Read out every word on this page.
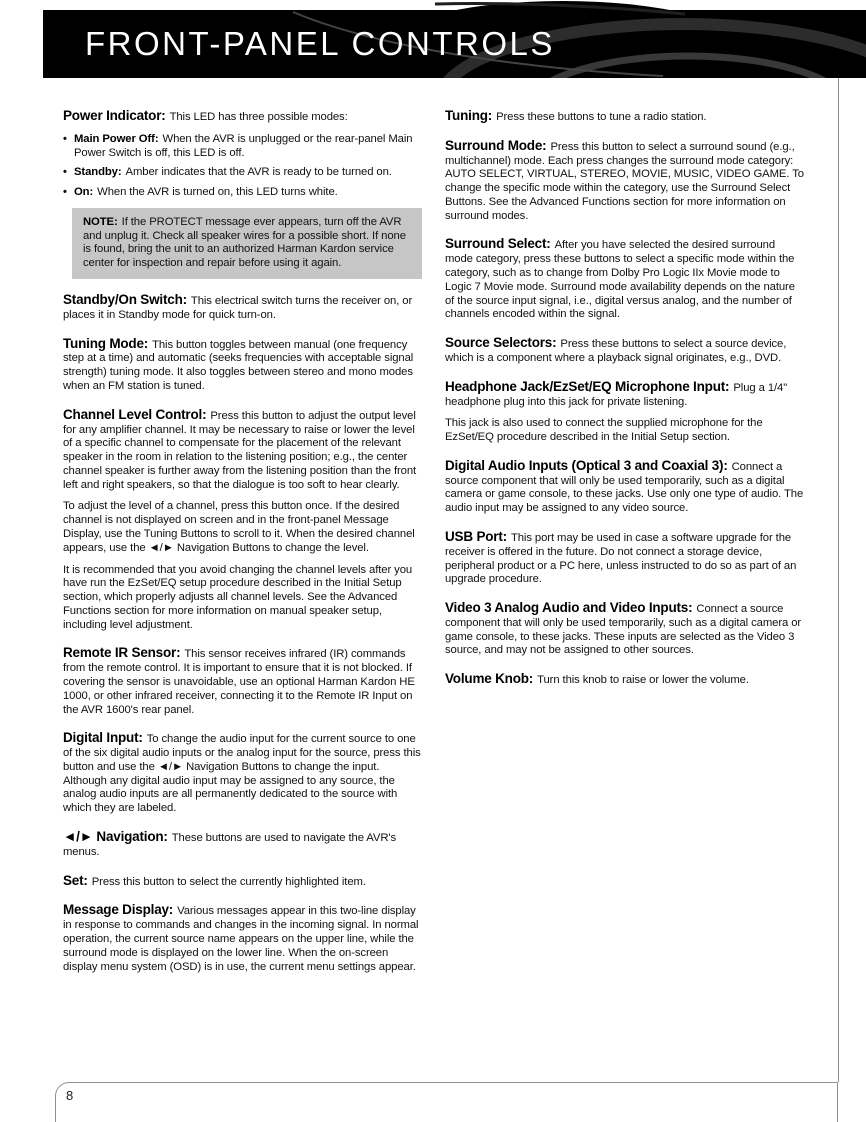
FRONT-PANEL CONTROLS

Power Indicator: This LED has three possible modes:

• Main Power Off: When the AVR is unplugged or the rear-panel Main Power Switch is off, this LED is off.
• Standby: Amber indicates that the AVR is ready to be turned on.
• On: When the AVR is turned on, this LED turns white.
NOTE: If the PROTECT message ever appears, turn off the AVR and unplug it. Check all speaker wires for a possible short. If none is found, bring the unit to an authorized Harman Kardon service center for inspection and repair before using it again.

Standby/On Switch: This electrical switch turns the receiver on, or places it in Standby mode for quick turn-on.

Tuning Mode: This button toggles between manual (one frequency step at a time) and automatic (seeks frequencies with acceptable signal strength) tuning mode. It also toggles between stereo and mono modes when an FM station is tuned.

Channel Level Control: Press this button to adjust the output level for any amplifier channel. It may be necessary to raise or lower the level of a specific channel to compensate for the placement of the relevant speaker in the room in relation to the listening position; e.g., the center channel speaker is further away from the listening position than the front left and right speakers, so that the dialogue is too soft to hear clearly.

To adjust the level of a channel, press this button once. If the desired channel is not displayed on screen and in the front-panel Message Display, use the Tuning Buttons to scroll to it. When the desired channel appears, use the ◄/► Navigation Buttons to change the level.

It is recommended that you avoid changing the channel levels after you have run the EzSet/EQ setup procedure described in the Initial Setup section, which properly adjusts all channel levels. See the Advanced Functions section for more information on manual speaker setup, including level adjustment.

Remote IR Sensor: This sensor receives infrared (IR) commands from the remote control. It is important to ensure that it is not blocked. If covering the sensor is unavoidable, use an optional Harman Kardon HE 1000, or other infrared receiver, connecting it to the Remote IR Input on the AVR 1600's rear panel.

Digital Input: To change the audio input for the current source to one of the six digital audio inputs or the analog input for the source, press this button and use the ◄/► Navigation Buttons to change the input. Although any digital audio input may be assigned to any source, the analog audio inputs are all permanently dedicated to the source with which they are labeled.

◄/► Navigation: These buttons are used to navigate the AVR's menus.

Set: Press this button to select the currently highlighted item.

Message Display: Various messages appear in this two-line display in response to commands and changes in the incoming signal. In normal operation, the current source name appears on the upper line, while the surround mode is displayed on the lower line. When the on-screen display menu system (OSD) is in use, the current menu settings appear.

Tuning: Press these buttons to tune a radio station.

Surround Mode: Press this button to select a surround sound (e.g., multichannel) mode. Each press changes the surround mode category: AUTO SELECT, VIRTUAL, STEREO, MOVIE, MUSIC, VIDEO GAME. To change the specific mode within the category, use the Surround Select Buttons. See the Advanced Functions section for more information on surround modes.

Surround Select: After you have selected the desired surround mode category, press these buttons to select a specific mode within the category, such as to change from Dolby Pro Logic IIx Movie mode to Logic 7 Movie mode. Surround mode availability depends on the nature of the source input signal, i.e., digital versus analog, and the number of channels encoded within the signal.

Source Selectors: Press these buttons to select a source device, which is a component where a playback signal originates, e.g., DVD.

Headphone Jack/EzSet/EQ Microphone Input: Plug a 1/4" headphone plug into this jack for private listening.

This jack is also used to connect the supplied microphone for the EzSet/EQ procedure described in the Initial Setup section.

Digital Audio Inputs (Optical 3 and Coaxial 3): Connect a source component that will only be used temporarily, such as a digital camera or game console, to these jacks. Use only one type of audio. The audio input may be assigned to any video source.

USB Port: This port may be used in case a software upgrade for the receiver is offered in the future. Do not connect a storage device, peripheral product or a PC here, unless instructed to do so as part of an upgrade procedure.

Video 3 Analog Audio and Video Inputs: Connect a source component that will only be used temporarily, such as a digital camera or game console, to these jacks. These inputs are selected as the Video 3 source, and may not be assigned to other sources.

Volume Knob: Turn this knob to raise or lower the volume.

8
